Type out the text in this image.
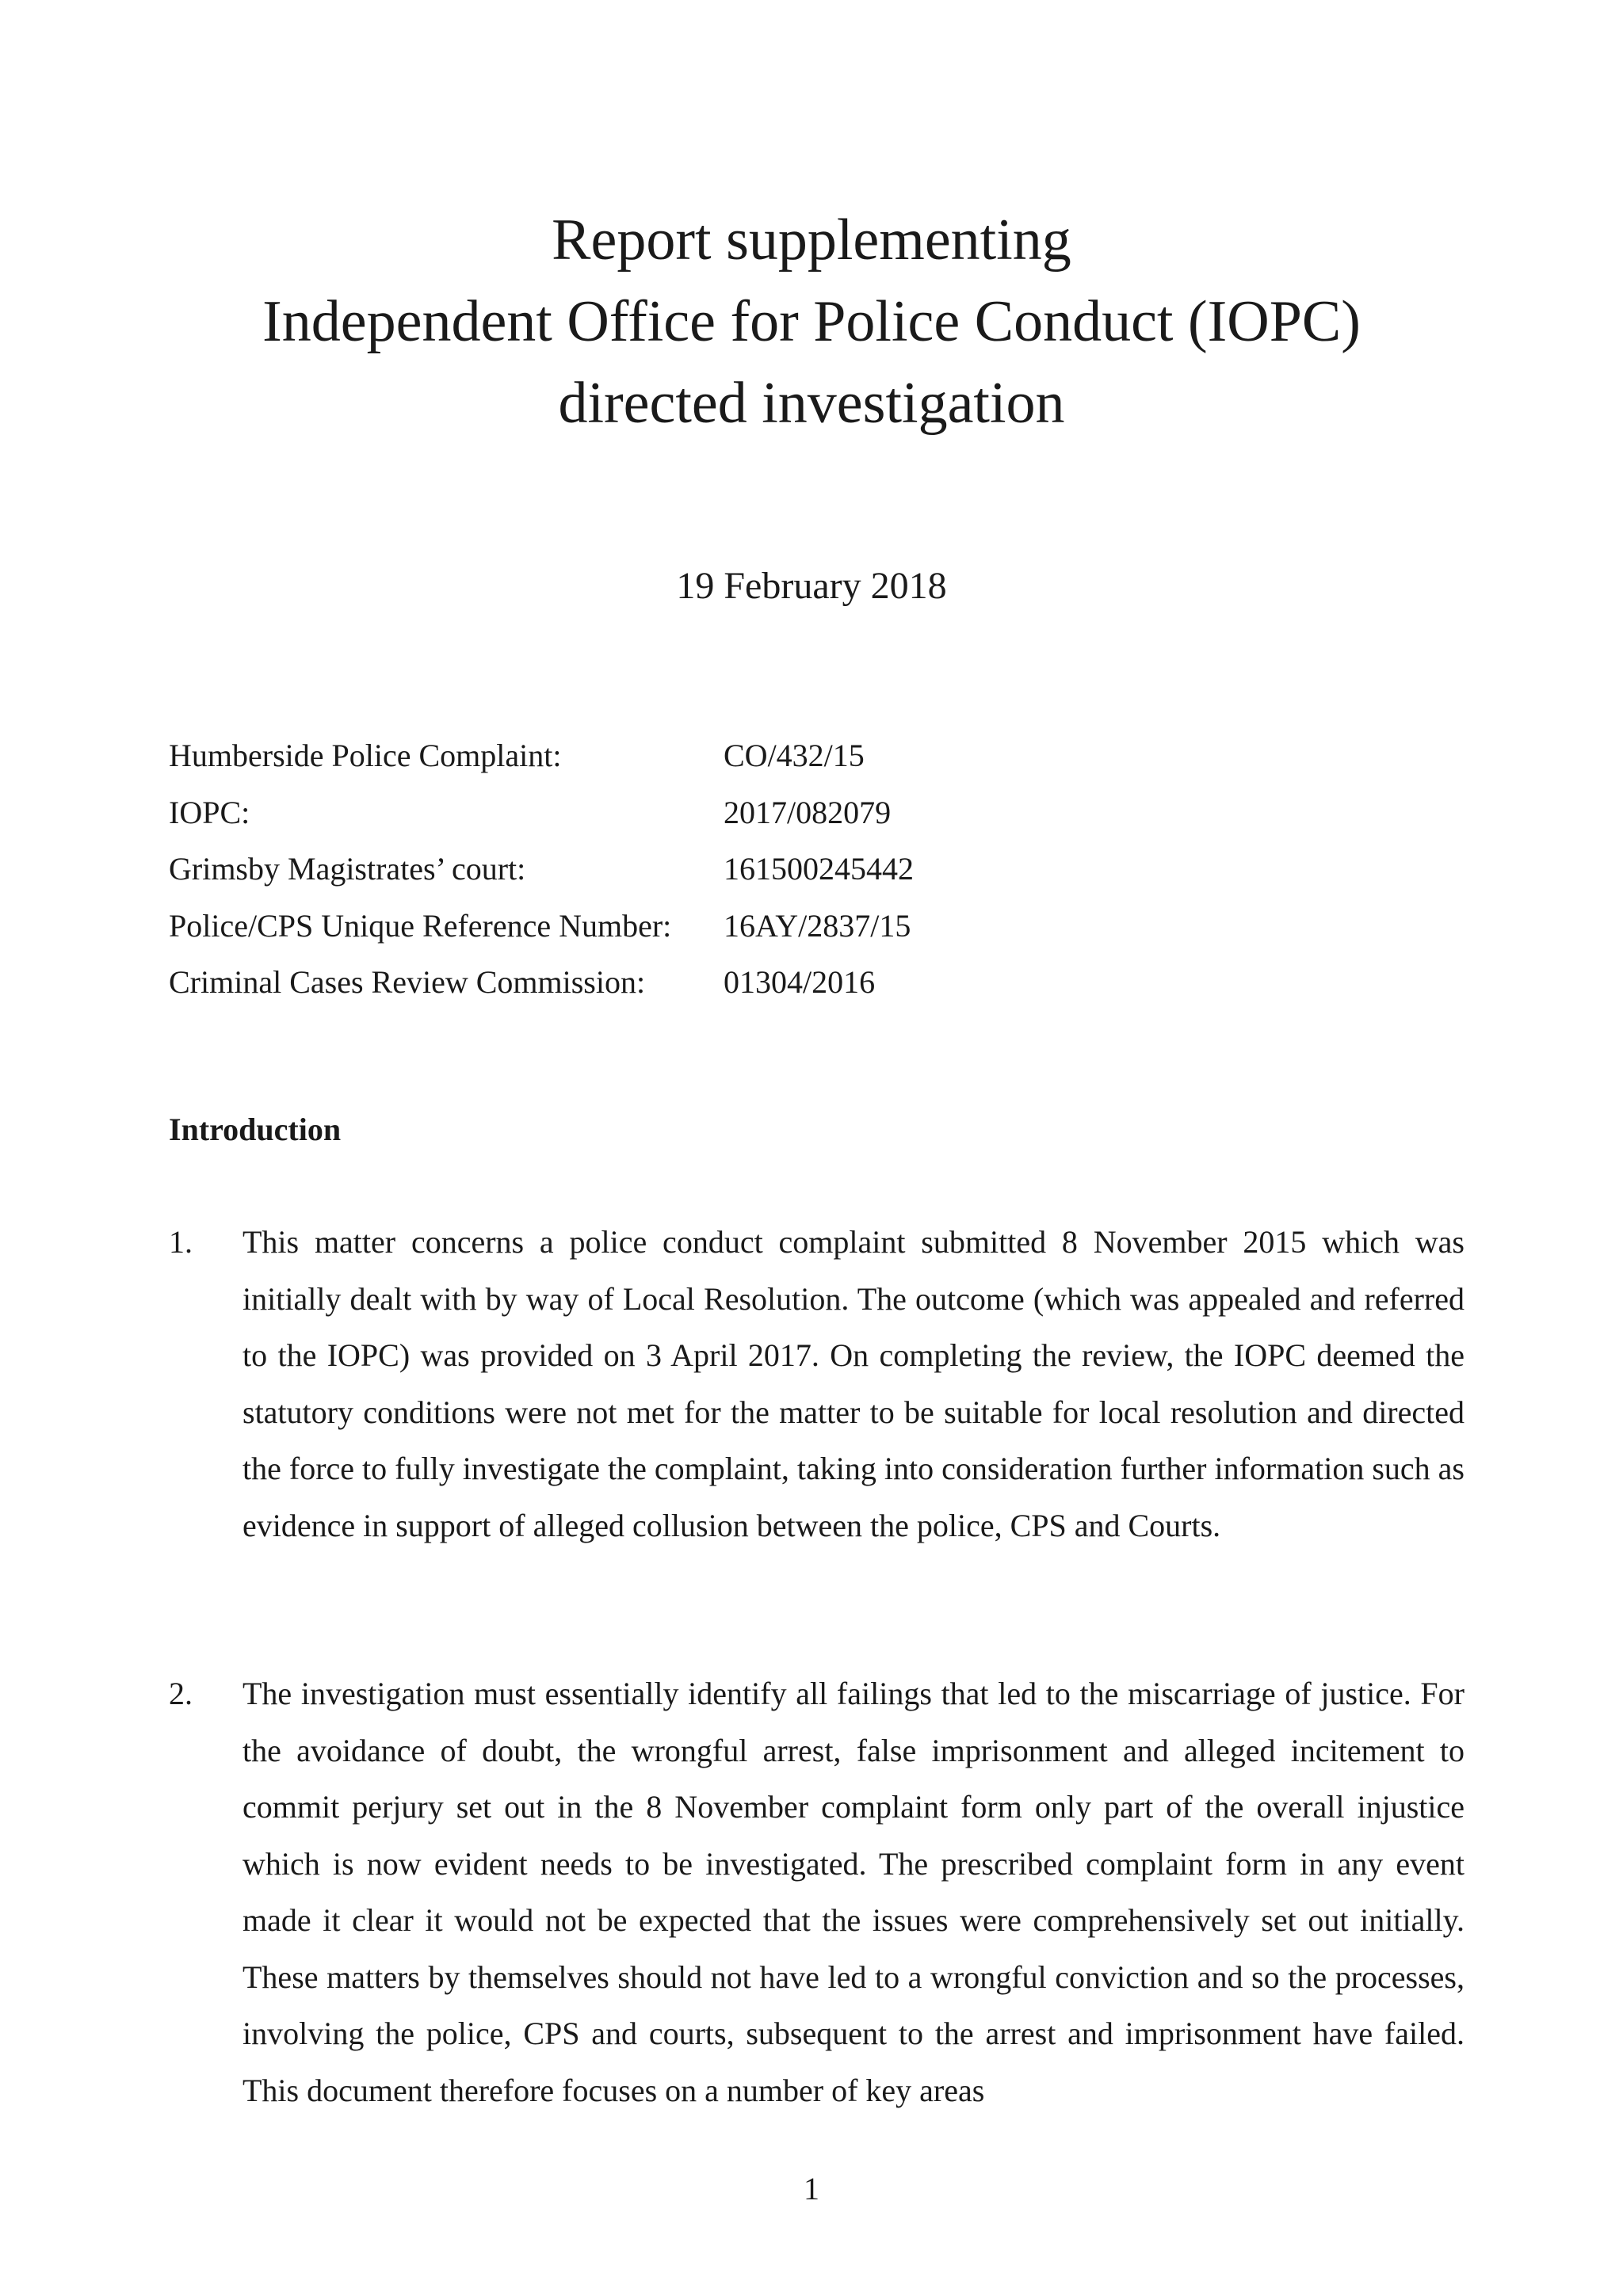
Report supplementing
Independent Office for Police Conduct (IOPC)
directed investigation
19 February 2018
Humberside Police Complaint:	CO/432/15
IOPC:	2017/082079
Grimsby Magistrates’ court:	161500245442
Police/CPS Unique Reference Number:	16AY/2837/15
Criminal Cases Review Commission:	01304/2016
Introduction
1. This matter concerns a police conduct complaint submitted 8 November 2015 which was initially dealt with by way of Local Resolution. The outcome (which was appealed and referred to the IOPC) was provided on 3 April 2017. On completing the review, the IOPC deemed the statutory conditions were not met for the matter to be suitable for local resolution and directed the force to fully investigate the complaint, taking into consideration further information such as evidence in support of alleged collusion between the police, CPS and Courts.
2. The investigation must essentially identify all failings that led to the miscarriage of justice. For the avoidance of doubt, the wrongful arrest, false imprisonment and alleged incitement to commit perjury set out in the 8 November complaint form only part of the overall injustice which is now evident needs to be investigated. The prescribed complaint form in any event made it clear it would not be expected that the issues were comprehensively set out initially. These matters by themselves should not have led to a wrongful conviction and so the processes, involving the police, CPS and courts, subsequent to the arrest and imprisonment have failed. This document therefore focuses on a number of key areas
1
